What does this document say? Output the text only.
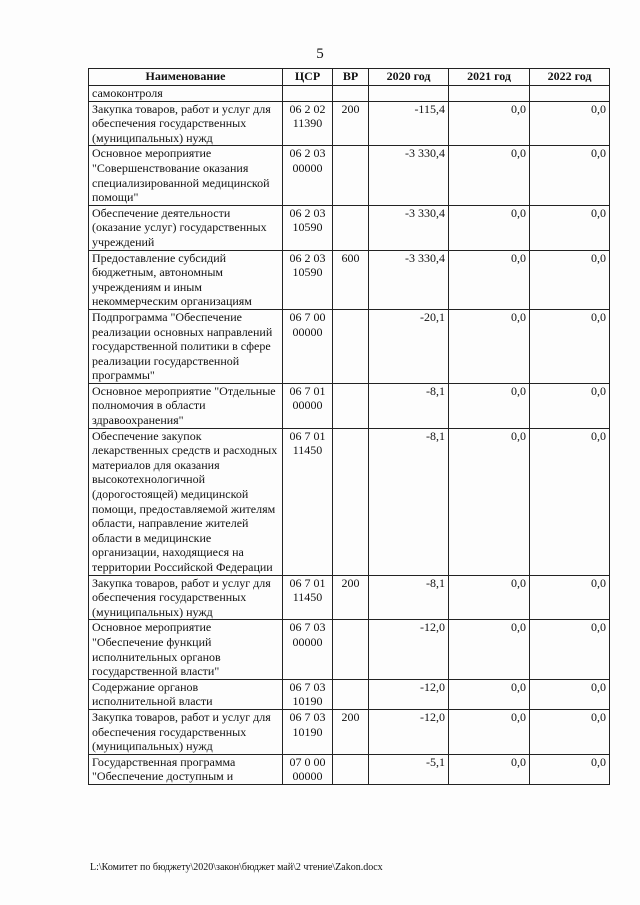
5
Наименование	ЦСР	ВР	2020 год	2021 год	2022 год
самоконтроля					
Закупка товаров, работ и услуг для обеспечения государственных (муниципальных) нужд	06 2 02 11390	200	-115,4	0,0	0,0
Основное мероприятие "Совершенствование оказания специализированной медицинской помощи"	06 2 03 00000		-3 330,4	0,0	0,0
Обеспечение деятельности (оказание услуг) государственных учреждений	06 2 03 10590		-3 330,4	0,0	0,0
Предоставление субсидий бюджетным, автономным учреждениям и иным некоммерческим организациям	06 2 03 10590	600	-3 330,4	0,0	0,0
Подпрограмма "Обеспечение реализации основных направлений государственной политики в сфере реализации государственной программы"	06 7 00 00000		-20,1	0,0	0,0
Основное мероприятие "Отдельные полномочия в области здравоохранения"	06 7 01 00000		-8,1	0,0	0,0
Обеспечение закупок лекарственных средств и расходных материалов для оказания высокотехнологичной (дорогостоящей) медицинской помощи, предоставляемой жителям области, направление жителей области в медицинские организации, находящиеся на территории Российской Федерации	06 7 01 11450		-8,1	0,0	0,0
Закупка товаров, работ и услуг для обеспечения государственных (муниципальных) нужд	06 7 01 11450	200	-8,1	0,0	0,0
Основное мероприятие "Обеспечение функций исполнительных органов государственной власти"	06 7 03 00000		-12,0	0,0	0,0
Содержание органов исполнительной власти	06 7 03 10190		-12,0	0,0	0,0
Закупка товаров, работ и услуг для обеспечения государственных (муниципальных) нужд	06 7 03 10190	200	-12,0	0,0	0,0
Государственная программа "Обеспечение доступным и	07 0 00 00000		-5,1	0,0	0,0
L:\Комитет по бюджету\2020\закон\бюджет май\2 чтение\Zakon.docx
